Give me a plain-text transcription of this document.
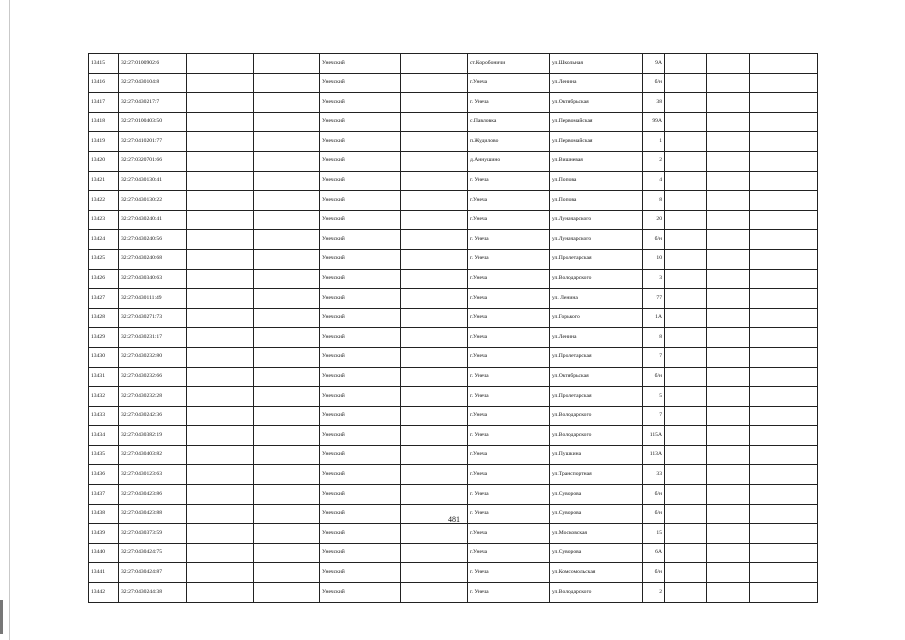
13415	32:27:0100902:6			Унечский		ст.Коробоничи	ул.Школьная	9А			
13416	32:27:0430104:8			Унечский		г.Унеча	ул.Ленина	б/н			
13417	32:27:0430217:7			Унечский		г. Унеча	ул.Октябрьская	38			
13418	32:27:0100403:50			Унечский		с.Павловка	ул.Первомайская	99А			
13419	32:27:0410201:77			Унечский		п.Жудилово	ул.Первомайская	1			
13420	32:27:0320701:66			Унечский		д.Аннушино	ул.Вишневая	2			
13421	32:27:0430130:41			Унечский		г. Унеча	ул.Попова	4			
13422	32:27:0430130:22			Унечский		г.Унеча	ул.Попова	8			
13423	32:27:0430240:41			Унечский		г.Унеча	ул.Луначарского	20			
13424	32:27:0430240:56			Унечский		г. Унеча	ул.Луначарского	б/н			
13425	32:27:0430240:68			Унечский		г. Унеча	ул.Пролетарская	10			
13426	32:27:0430340:63			Унечский		г.Унеча	ул.Володарского	3			
13427	32:27:0430111:49			Унечский		г.Унеча	ул. Ленина	77			
13428	32:27:0430271:73			Унечский		г.Унеча	ул.Горького	1А			
13429	32:27:0430231:17			Унечский		г.Унеча	ул.Ленина	8			
13430	32:27:0430232:80			Унечский		г.Унеча	ул.Пролетарская	7			
13431	32:27:0430232:66			Унечский		г. Унеча	ул.Октябрьская	б/н			
13432	32:27:0430232:28			Унечский		г. Унеча	ул.Пролетарская	5			
13433	32:27:0430242:36			Унечский		г.Унеча	ул.Володарского	7			
13434	32:27:0430382:19			Унечский		г. Унеча	ул.Володарского	115А			
13435	32:27:0430403:82			Унечский		г.Унеча	ул.Пушкина	113А			
13436	32:27:0430123:63			Унечский		г.Унеча	ул.Транспортная	33			
13437	32:27:0430423:86			Унечский		г. Унеча	ул.Суворова	б/н			
13438	32:27:0430423:88			Унечский		г. Унеча	ул.Суворова	б/н			
13439	32:27:0430373:59			Унечский		г.Унеча	ул.Московская	15			
13440	32:27:0430424:75			Унечский		г.Унеча	ул.Суворова	6А			
13441	32:27:0430424:87			Унечский		г. Унеча	ул.Комсомольская	б/н			
13442	32:27:0430244:38			Унечский		г. Унеча	ул.Володарского	2			
481
